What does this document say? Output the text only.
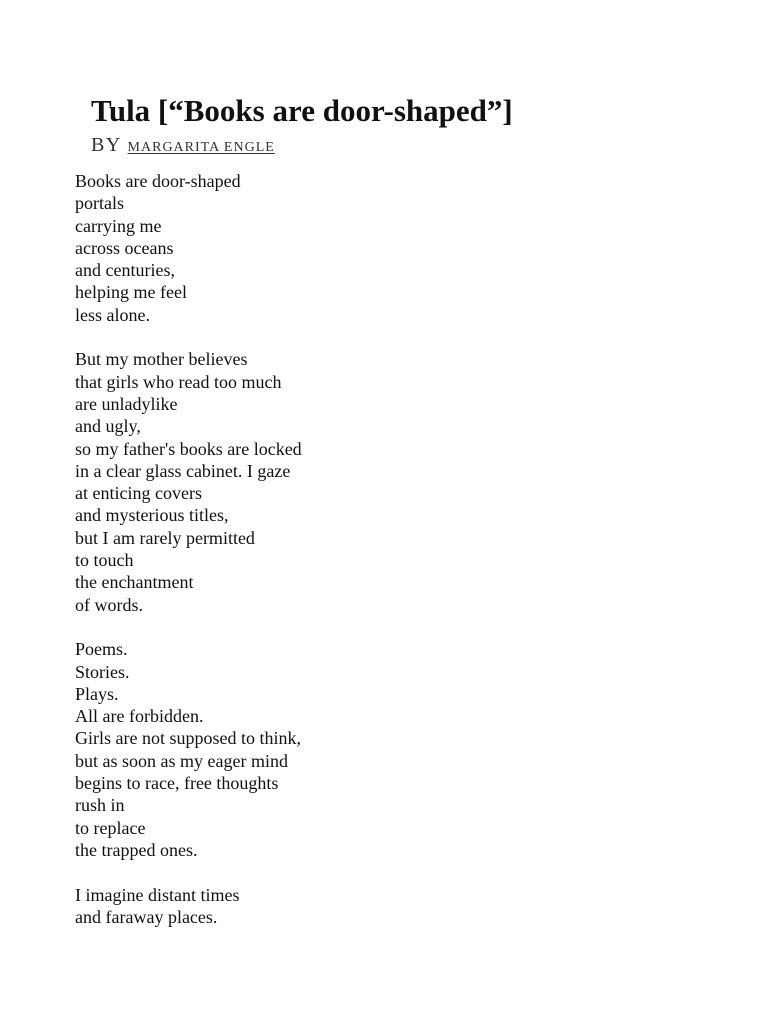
Tula [“Books are door-shaped”]
BY MARGARITA ENGLE
Books are door-shaped
portals
carrying me
across oceans
and centuries,
helping me feel
less alone.
But my mother believes
that girls who read too much
are unladylike
and ugly,
so my father's books are locked
in a clear glass cabinet. I gaze
at enticing covers
and mysterious titles,
but I am rarely permitted
to touch
the enchantment
of words.
Poems.
Stories.
Plays.
All are forbidden.
Girls are not supposed to think,
but as soon as my eager mind
begins to race, free thoughts
rush in
to replace
the trapped ones.
I imagine distant times
and faraway places.
